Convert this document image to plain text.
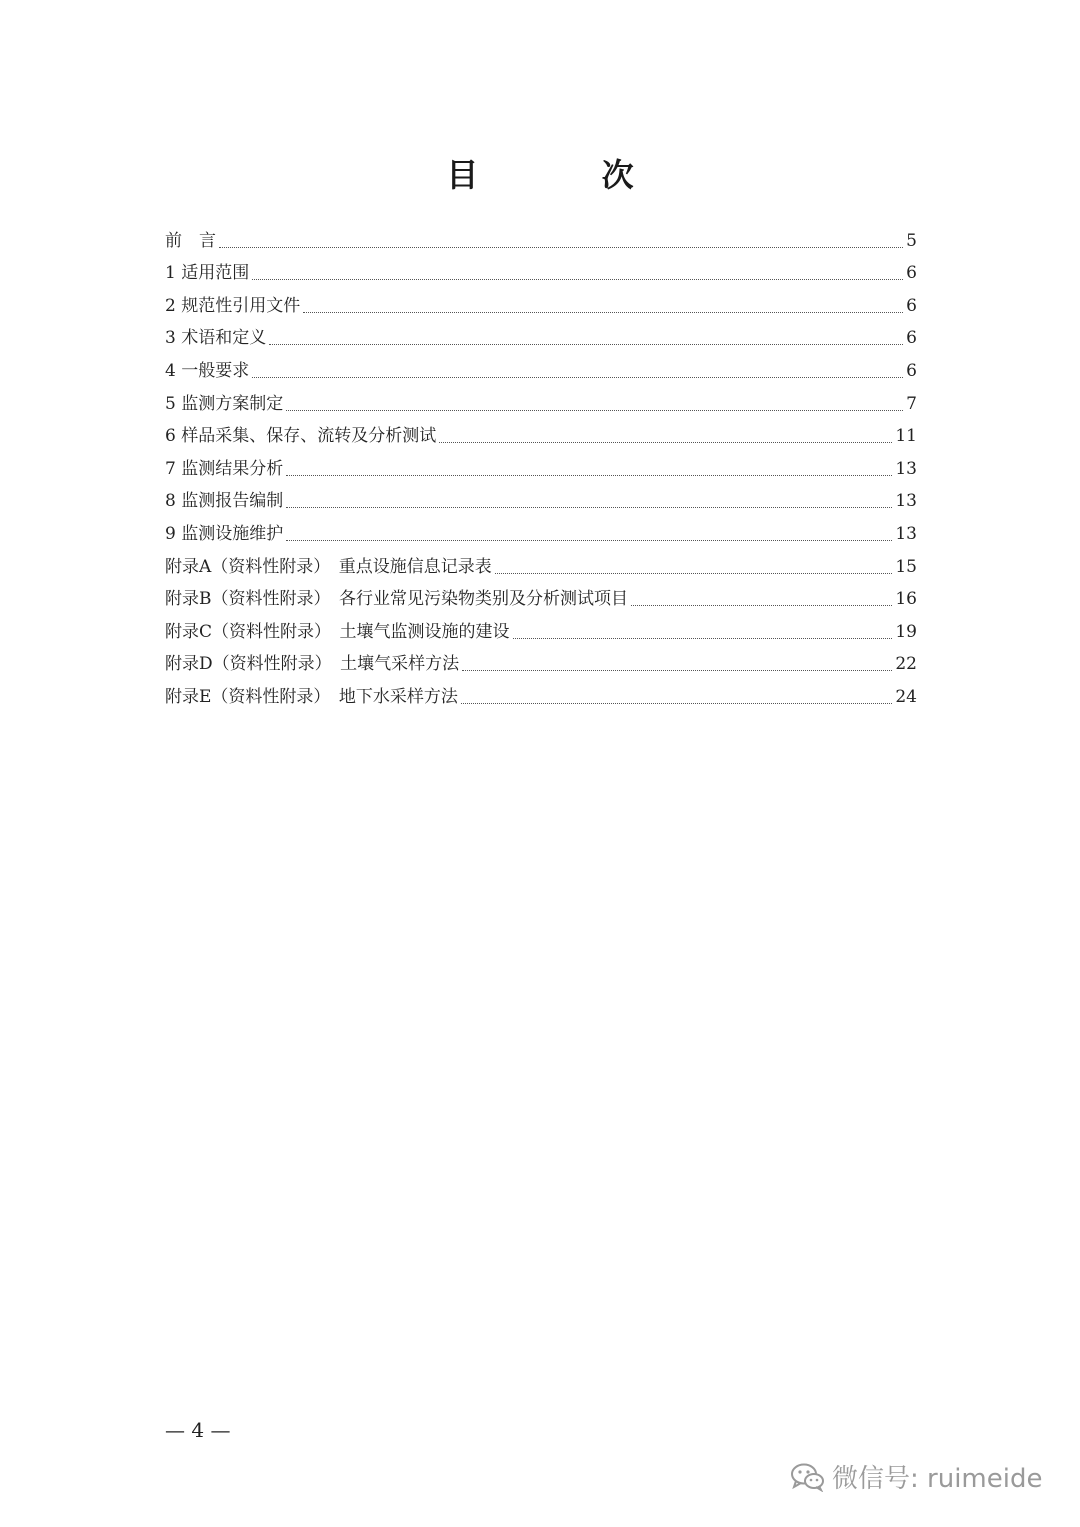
目 次
前　言	5
1 适用范围	6
2 规范性引用文件	6
3 术语和定义	6
4 一般要求	6
5 监测方案制定	7
6 样品采集、保存、流转及分析测试	11
7 监测结果分析	13
8 监测报告编制	13
9 监测设施维护	13
附录A（资料性附录）　重点设施信息记录表	15
附录B（资料性附录）　各行业常见污染物类别及分析测试项目	16
附录C（资料性附录）　土壤气监测设施的建设	19
附录D（资料性附录）　土壤气采样方法	22
附录E（资料性附录）　地下水采样方法	24
— 4 —
微信号: ruimeide
